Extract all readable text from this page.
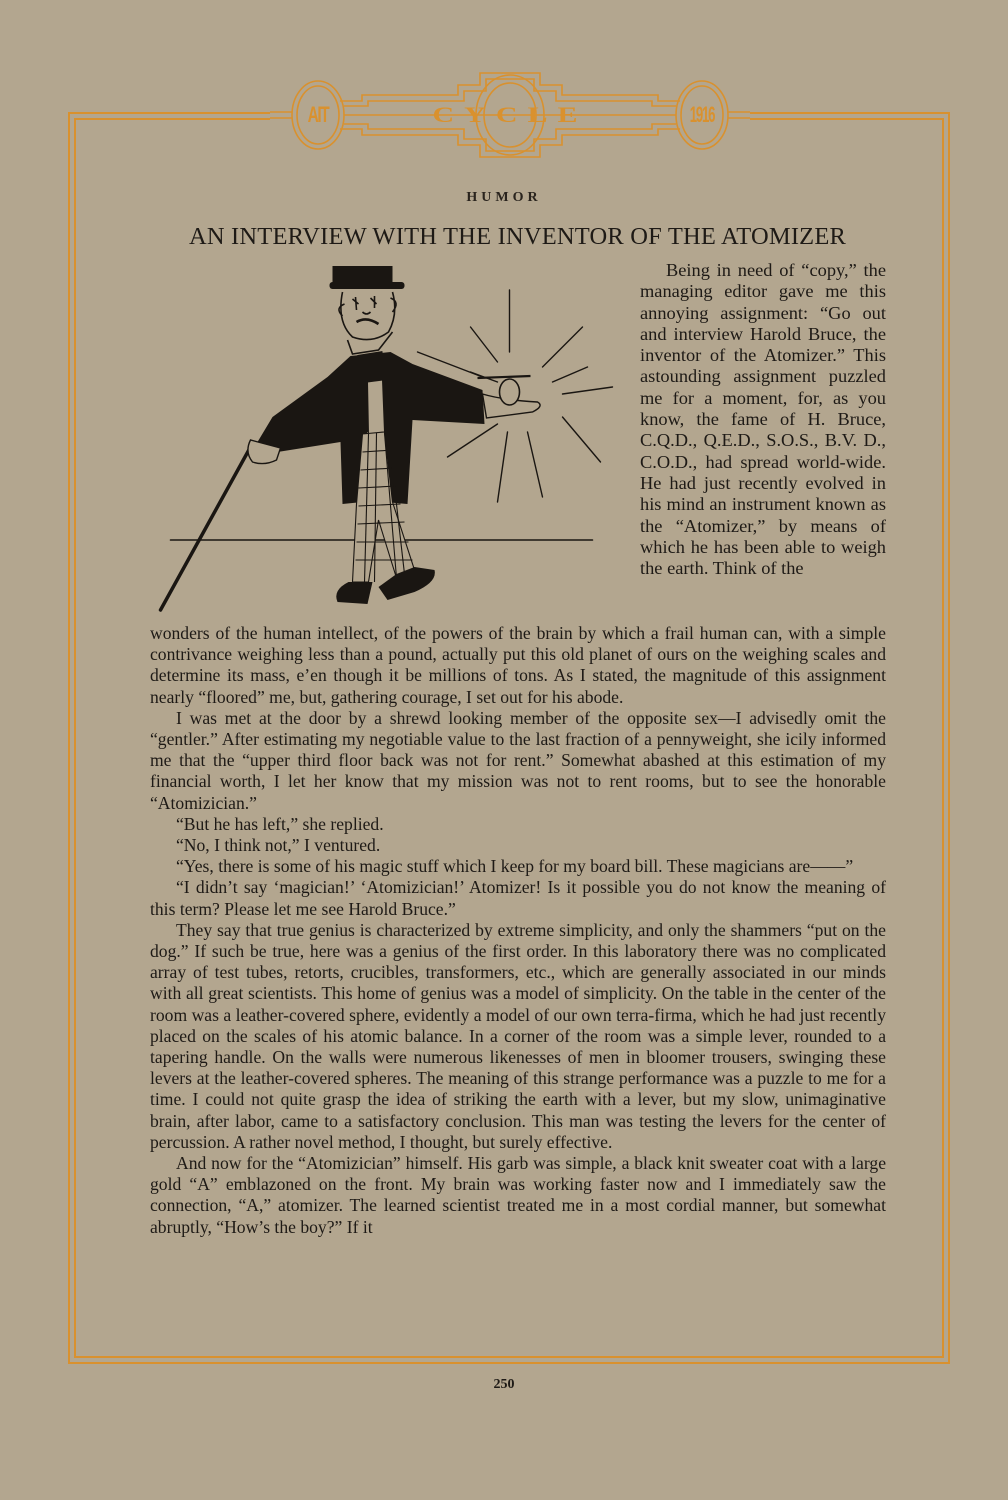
AIT	CYCLE	1916
HUMOR
AN INTERVIEW WITH THE INVENTOR OF THE ATOMIZER
Being in need of “copy,” the managing editor gave me this annoying assignment: “Go out and interview Harold Bruce, the inventor of the Atomizer.” This astounding assignment puzzled me for a moment, for, as you know, the fame of H. Bruce, C.Q.D., Q.E.D., S.O.S., B.V. D., C.O.D., had spread world-wide. He had just recently evolved in his mind an instrument known as the “Atomizer,” by means of which he has been able to weigh the earth. Think of the

wonders of the human intellect, of the powers of the brain by which a frail human can, with a simple contrivance weighing less than a pound, actually put this old planet of ours on the weighing scales and determine its mass, e’en though it be millions of tons. As I stated, the magnitude of this assignment nearly “floored” me, but, gathering courage, I set out for his abode.

I was met at the door by a shrewd looking member of the opposite sex—I advisedly omit the “gentler.” After estimating my negotiable value to the last fraction of a pennyweight, she icily informed me that the “upper third floor back was not for rent.” Somewhat abashed at this estimation of my financial worth, I let her know that my mission was not to rent rooms, but to see the honorable “Atomizician.”

“But he has left,” she replied.

“No, I think not,” I ventured.

“Yes, there is some of his magic stuff which I keep for my board bill. These magicians are——”

“I didn’t say ‘magician!’ ‘Atomizician!’ Atomizer! Is it possible you do not know the meaning of this term? Please let me see Harold Bruce.”

They say that true genius is characterized by extreme simplicity, and only the shammers “put on the dog.” If such be true, here was a genius of the first order. In this laboratory there was no complicated array of test tubes, retorts, crucibles, transformers, etc., which are generally associated in our minds with all great scientists. This home of genius was a model of simplicity. On the table in the center of the room was a leather-covered sphere, evidently a model of our own terra-firma, which he had just recently placed on the scales of his atomic balance. In a corner of the room was a simple lever, rounded to a tapering handle. On the walls were numerous likenesses of men in bloomer trousers, swinging these levers at the leather-covered spheres. The meaning of this strange performance was a puzzle to me for a time. I could not quite grasp the idea of striking the earth with a lever, but my slow, unimaginative brain, after labor, came to a satisfactory conclusion. This man was testing the levers for the center of percussion. A rather novel method, I thought, but surely effective.

And now for the “Atomizician” himself. His garb was simple, a black knit sweater coat with a large gold “A” emblazoned on the front. My brain was working faster now and I immediately saw the connection, “A,” atomizer. The learned scientist treated me in a most cordial manner, but somewhat abruptly, “How’s the boy?” If it

250
